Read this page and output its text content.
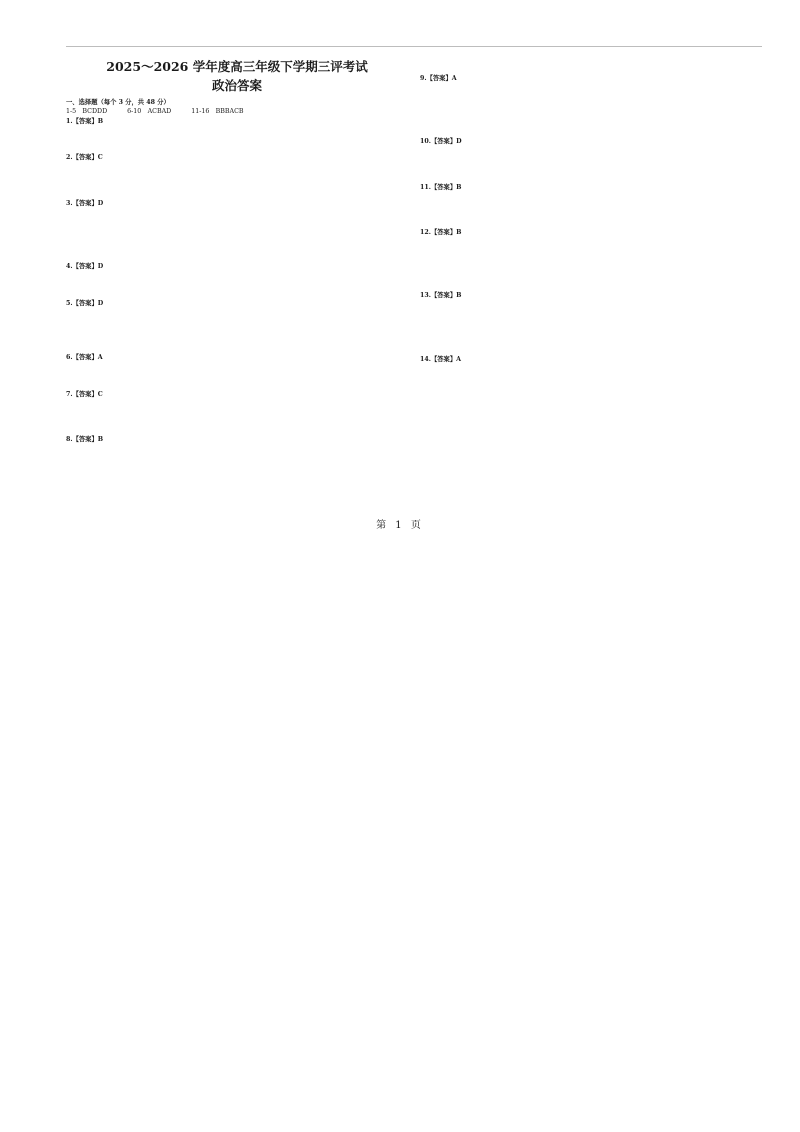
2025～2026 学年度高三年级下学期三评考试
政治答案
一、选择题（每个 3 分，共 48 分）
1-5　BCDDD	6-10　ACBAD	11-16　BBBACB
1.【答案】B
2.【答案】C
3.【答案】D
4.【答案】D
5.【答案】D
6.【答案】A
7.【答案】C
8.【答案】B
9.【答案】A
10.【答案】D
11.【答案】B
12.【答案】B
13.【答案】B
14.【答案】A
第 1 页
